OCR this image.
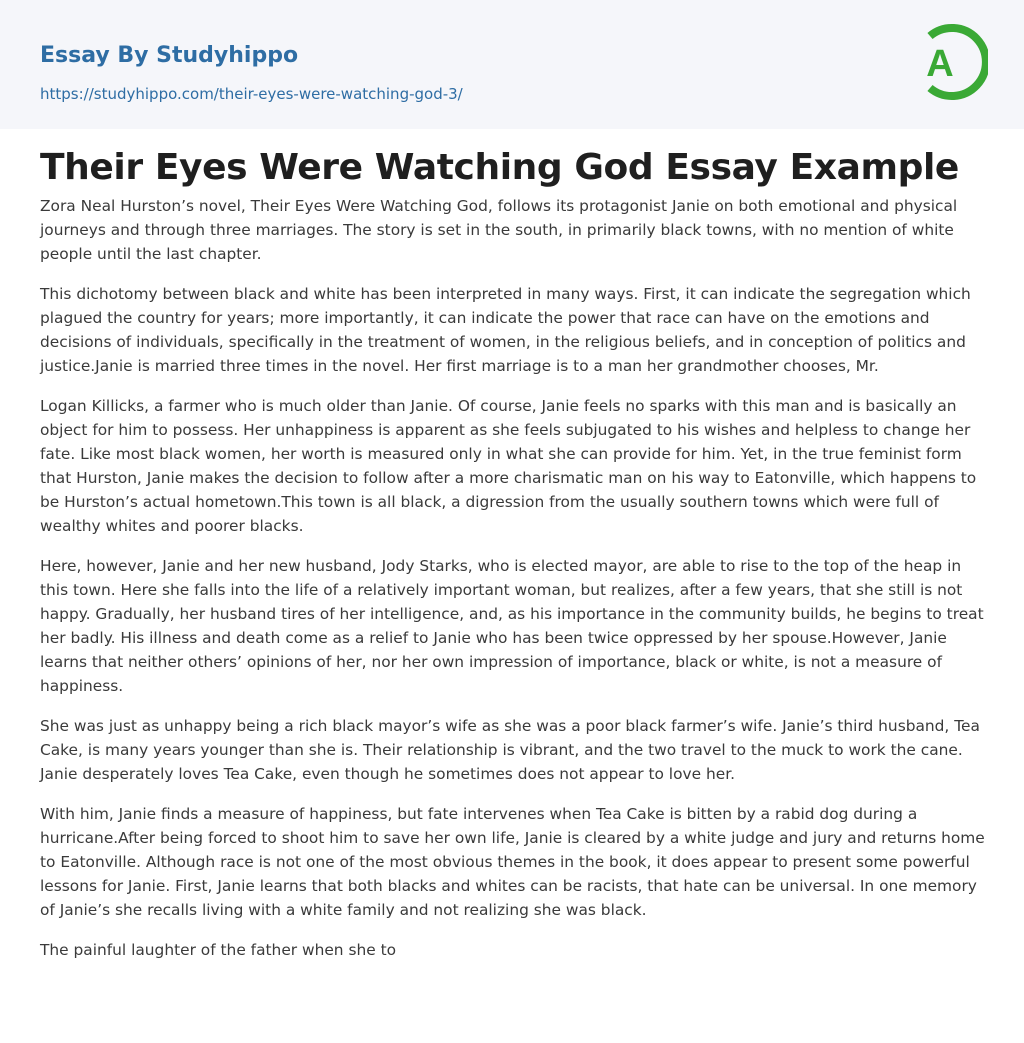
Essay By Studyhippo
https://studyhippo.com/their-eyes-were-watching-god-3/
A
Their Eyes Were Watching God Essay Example

Zora Neal Hurston’s novel, Their Eyes Were Watching God, follows its protagonist Janie on both emotional and physical journeys and through three marriages. The story is set in the south, in primarily black towns, with no mention of white people until the last chapter.

This dichotomy between black and white has been interpreted in many ways. First, it can indicate the segregation which plagued the country for years; more importantly, it can indicate the power that race can have on the emotions and decisions of individuals, specifically in the treatment of women, in the religious beliefs, and in conception of politics and justice.Janie is married three times in the novel. Her first marriage is to a man her grandmother chooses, Mr.

Logan Killicks, a farmer who is much older than Janie. Of course, Janie feels no sparks with this man and is basically an object for him to possess. Her unhappiness is apparent as she feels subjugated to his wishes and helpless to change her fate. Like most black women, her worth is measured only in what she can provide for him. Yet, in the true feminist form that Hurston, Janie makes the decision to follow after a more charismatic man on his way to Eatonville, which happens to be Hurston’s actual hometown.This town is all black, a digression from the usually southern towns which were full of wealthy whites and poorer blacks.

Here, however, Janie and her new husband, Jody Starks, who is elected mayor, are able to rise to the top of the heap in this town. Here she falls into the life of a relatively important woman, but realizes, after a few years, that she still is not happy. Gradually, her husband tires of her intelligence, and, as his importance in the community builds, he begins to treat her badly. His illness and death come as a relief to Janie who has been twice oppressed by her spouse.However, Janie learns that neither others’ opinions of her, nor her own impression of importance, black or white, is not a measure of happiness.

She was just as unhappy being a rich black mayor’s wife as she was a poor black farmer’s wife. Janie’s third husband, Tea Cake, is many years younger than she is. Their relationship is vibrant, and the two travel to the muck to work the cane. Janie desperately loves Tea Cake, even though he sometimes does not appear to love her.

With him, Janie finds a measure of happiness, but fate intervenes when Tea Cake is bitten by a rabid dog during a hurricane.After being forced to shoot him to save her own life, Janie is cleared by a white judge and jury and returns home to Eatonville. Although race is not one of the most obvious themes in the book, it does appear to present some powerful lessons for Janie. First, Janie learns that both blacks and whites can be racists, that hate can be universal. In one memory of Janie’s she recalls living with a white family and not realizing she was black.

The painful laughter of the father when she to
